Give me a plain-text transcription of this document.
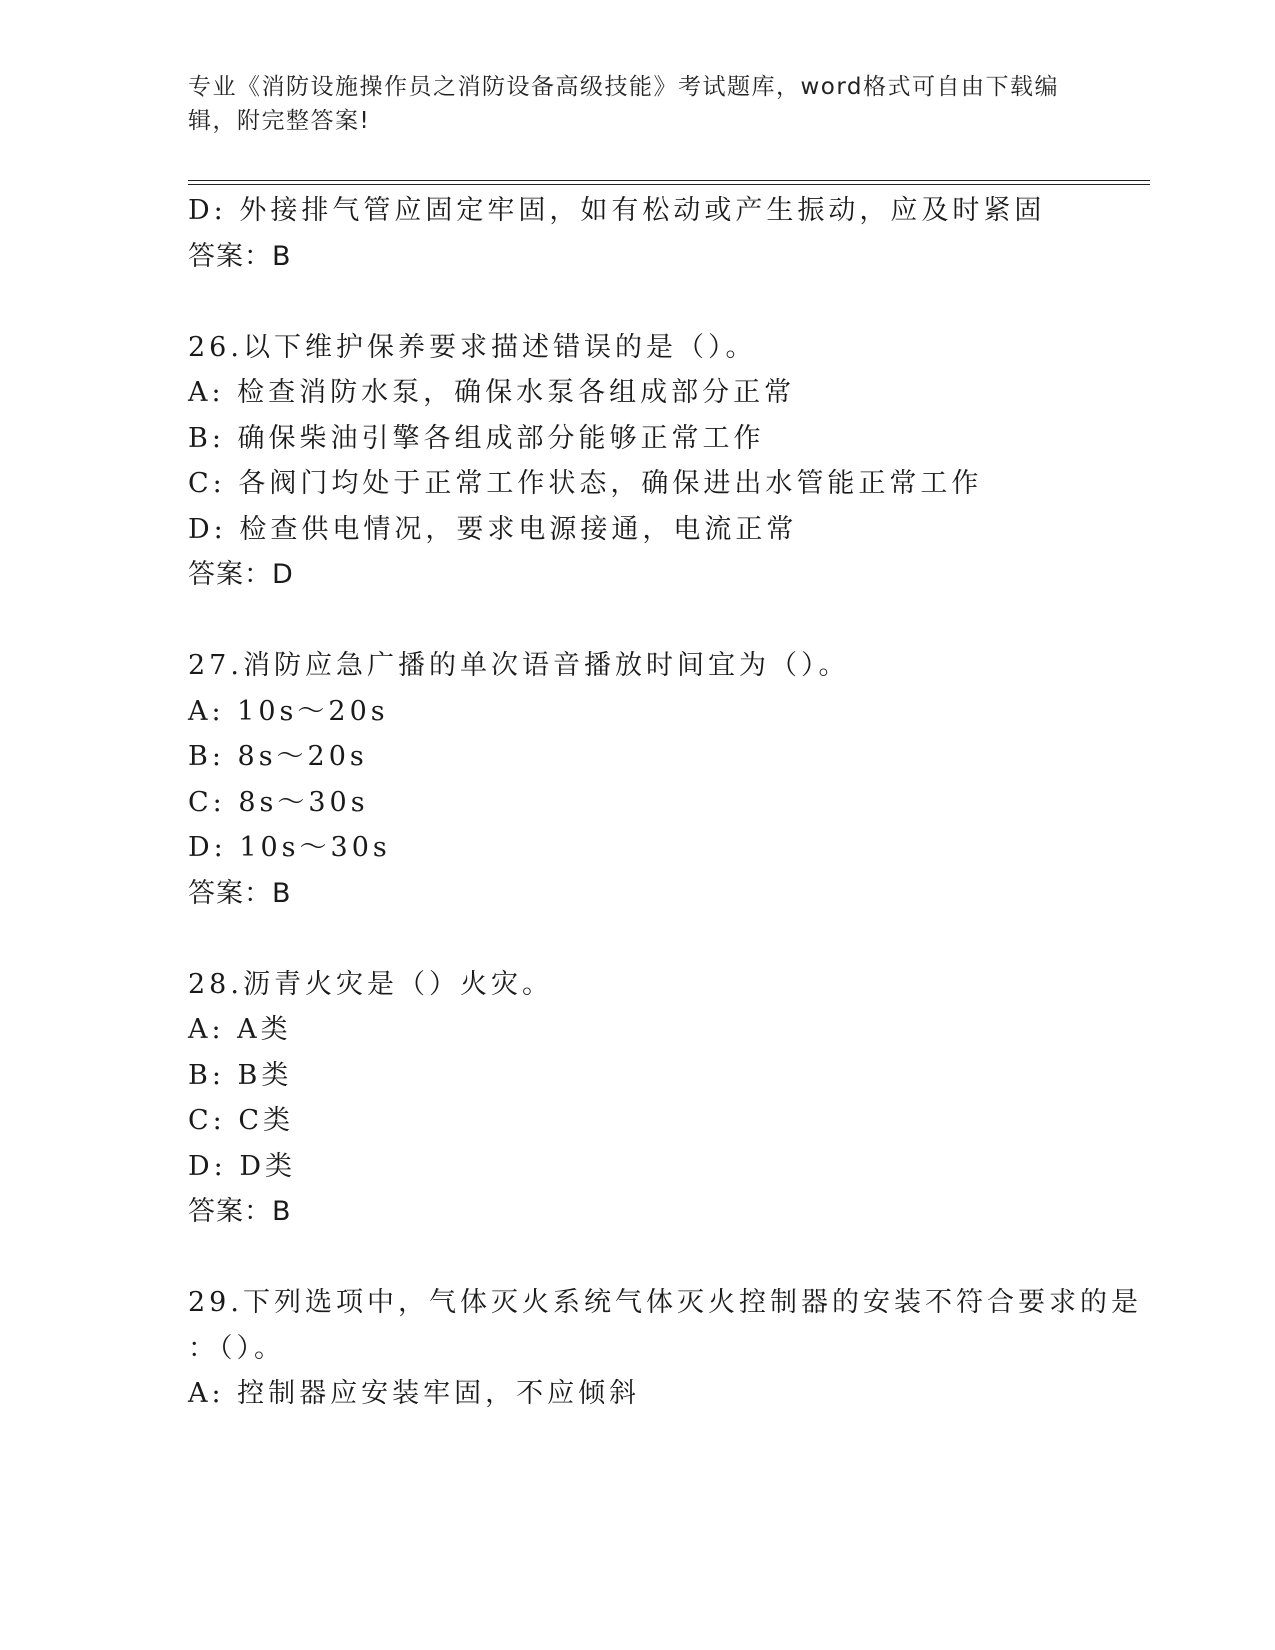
专业《消防设施操作员之消防设备高级技能》考试题库，word格式可自由下载编辑，附完整答案!
D: 外接排气管应固定牢固，如有松动或产生振动，应及时紧固
答案：B
26.以下维护保养要求描述错误的是（）。
A: 检查消防水泵，确保水泵各组成部分正常
B: 确保柴油引擎各组成部分能够正常工作
C: 各阀门均处于正常工作状态，确保进出水管能正常工作
D: 检查供电情况，要求电源接通，电流正常
答案：D
27.消防应急广播的单次语音播放时间宜为（）。
A: 10s～20s
B: 8s～20s
C: 8s～30s
D: 10s～30s
答案：B
28.沥青火灾是（）火灾。
A: A类
B: B类
C: C类
D: D类
答案：B
29.下列选项中，气体灭火系统气体灭火控制器的安装不符合要求的是
：（）。
A: 控制器应安装牢固，不应倾斜
